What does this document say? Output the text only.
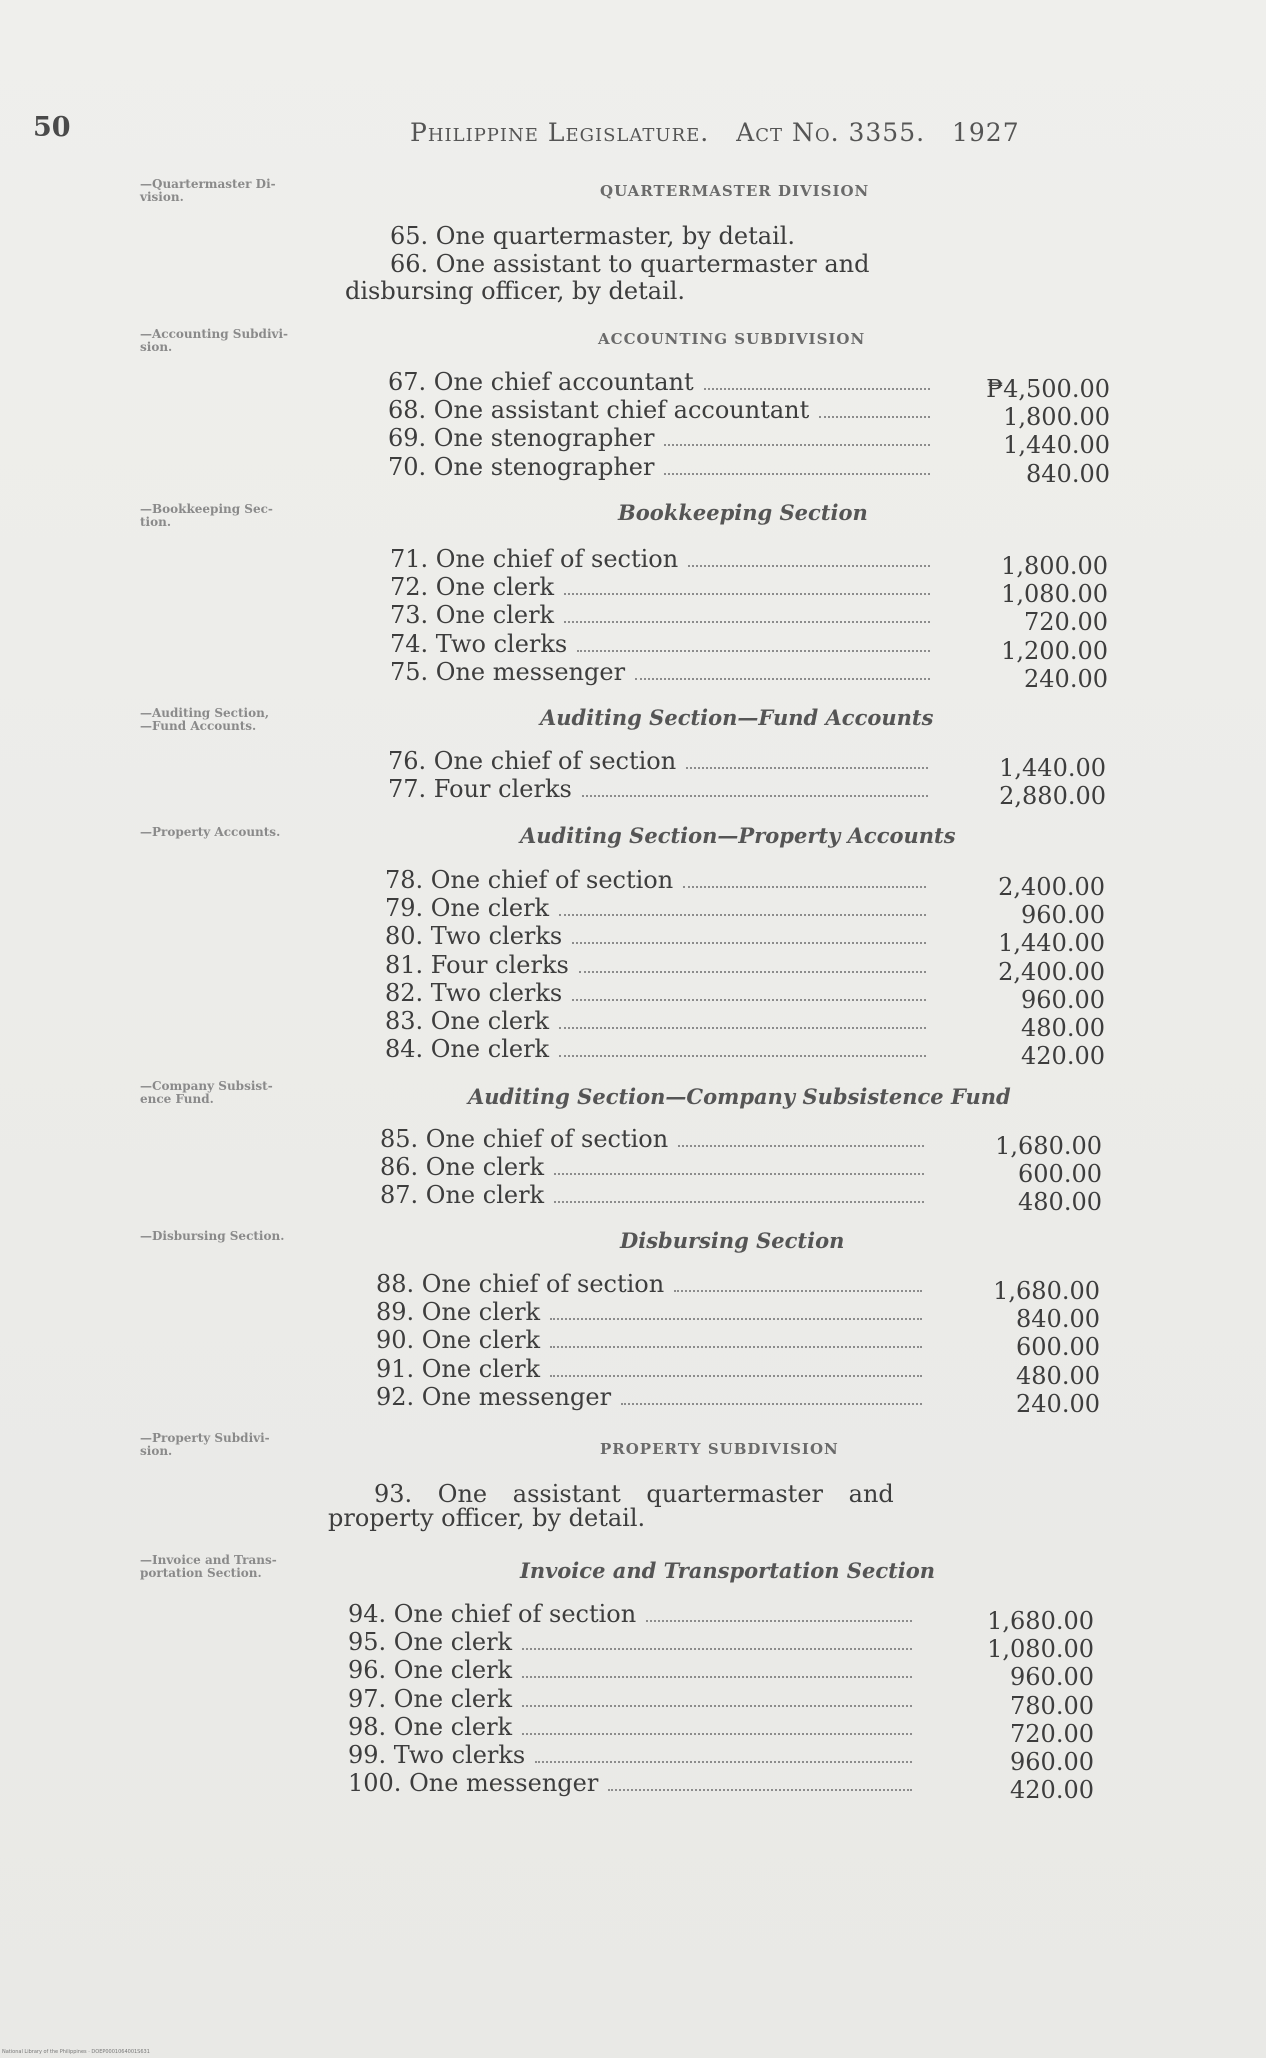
50	Philippine Legislature. Act No. 3355. 1927
—Quartermaster Di-
vision.	QUARTERMASTER DIVISION
65. One quartermaster, by detail.
66. One assistant to quartermaster and
disbursing officer, by detail.
—Accounting Subdivi-
sion.	ACCOUNTING SUBDIVISION
—Bookkeeping Sec-
tion.	Bookkeeping Section
—Auditing Section,
—Fund Accounts.	Auditing Section—Fund Accounts
—Property Accounts.	Auditing Section—Property Accounts
—Company Subsist-
ence Fund.	Auditing Section—Company Subsistence Fund
—Disbursing Section.	Disbursing Section
—Property Subdivi-
sion.	PROPERTY SUBDIVISION
93. One assistant quartermaster and
property officer, by detail.
—Invoice and Trans-
portation Section.	Invoice and Transportation Section
National Library of the Philippines · DOEP0001064001S631
67. One chief accountant	₱4,500.00
68. One assistant chief accountant	1,800.00
69. One stenographer	1,440.00
70. One stenographer	840.00
71. One chief of section	1,800.00
72. One clerk	1,080.00
73. One clerk	720.00
74. Two clerks	1,200.00
75. One messenger	240.00
76. One chief of section	1,440.00
77. Four clerks	2,880.00
78. One chief of section	2,400.00
79. One clerk	960.00
80. Two clerks	1,440.00
81. Four clerks	2,400.00
82. Two clerks	960.00
83. One clerk	480.00
84. One clerk	420.00
85. One chief of section	1,680.00
86. One clerk	600.00
87. One clerk	480.00
88. One chief of section	1,680.00
89. One clerk	840.00
90. One clerk	600.00
91. One clerk	480.00
92. One messenger	240.00
94. One chief of section	1,680.00
95. One clerk	1,080.00
96. One clerk	960.00
97. One clerk	780.00
98. One clerk	720.00
99. Two clerks	960.00
100. One messenger	420.00
